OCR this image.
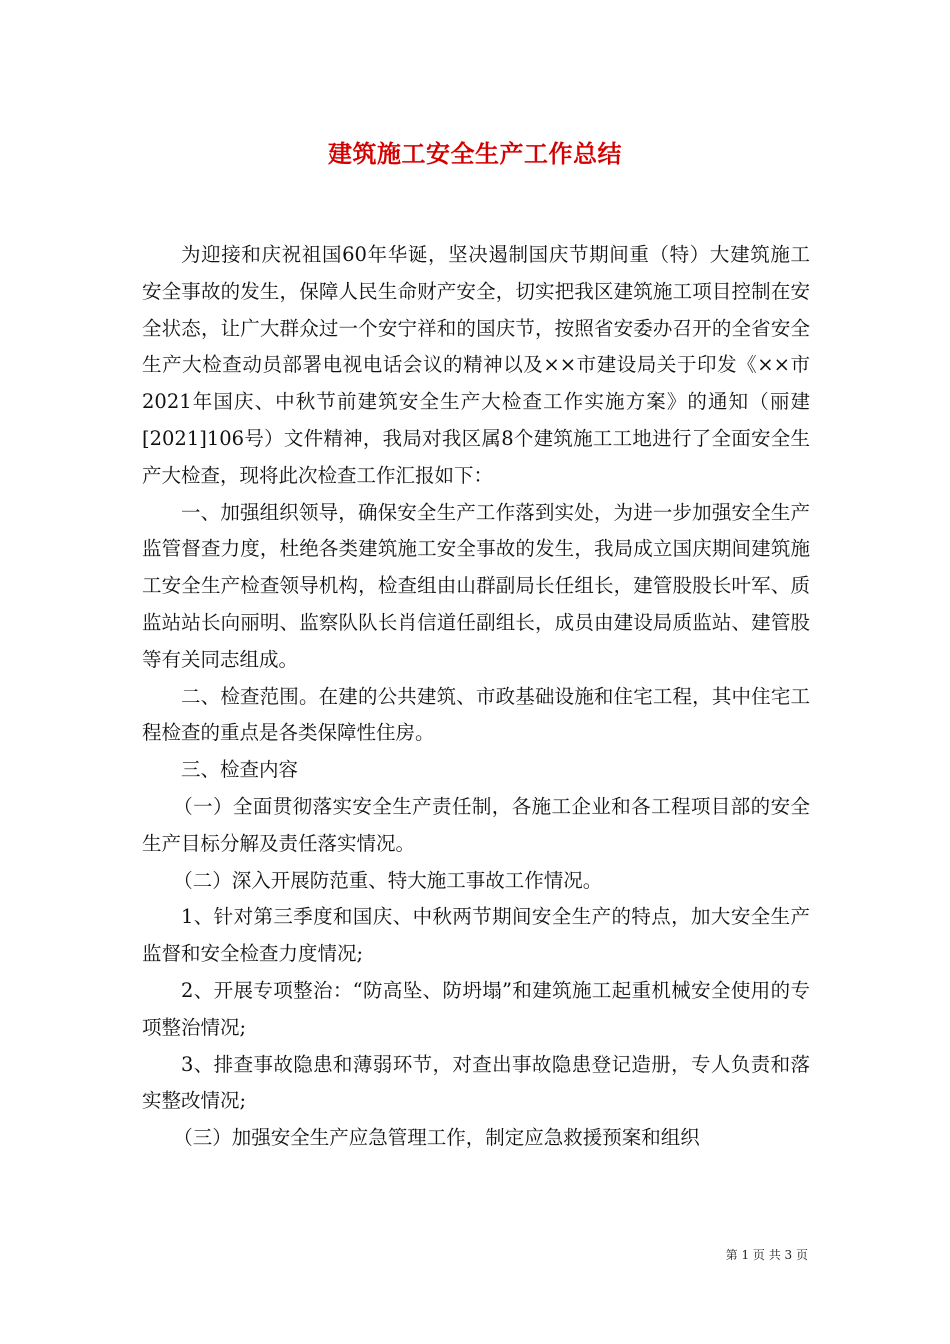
建筑施工安全生产工作总结

为迎接和庆祝祖国60年华诞，坚决遏制国庆节期间重（特）大建筑施工安全事故的发生，保障人民生命财产安全，切实把我区建筑施工项目控制在安全状态，让广大群众过一个安宁祥和的国庆节，按照省安委办召开的全省安全生产大检查动员部署电视电话会议的精神以及××市建设局关于印发《××市2021年国庆、中秋节前建筑安全生产大检查工作实施方案》的通知（丽建[2021]106号）文件精神，我局对我区属8个建筑施工工地进行了全面安全生产大检查，现将此次检查工作汇报如下：

一、加强组织领导，确保安全生产工作落到实处，为进一步加强安全生产监管督查力度，杜绝各类建筑施工安全事故的发生，我局成立国庆期间建筑施工安全生产检查领导机构，检查组由山群副局长任组长，建管股股长叶军、质监站站长向丽明、监察队队长肖信道任副组长，成员由建设局质监站、建管股等有关同志组成。

二、检查范围。在建的公共建筑、市政基础设施和住宅工程，其中住宅工程检查的重点是各类保障性住房。

三、检查内容

（一）全面贯彻落实安全生产责任制，各施工企业和各工程项目部的安全生产目标分解及责任落实情况。

（二）深入开展防范重、特大施工事故工作情况。

1、针对第三季度和国庆、中秋两节期间安全生产的特点，加大安全生产监督和安全检查力度情况;

2、开展专项整治：“防高坠、防坍塌”和建筑施工起重机械安全使用的专项整治情况;

3、排查事故隐患和薄弱环节，对查出事故隐患登记造册，专人负责和落实整改情况;

（三）加强安全生产应急管理工作，制定应急救援预案和组织

第 1 页 共 3 页
